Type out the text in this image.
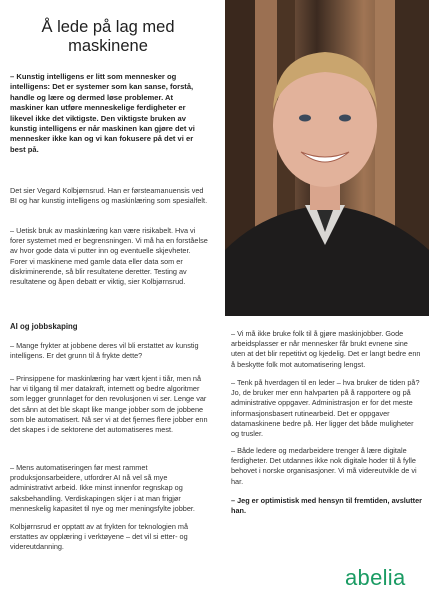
Å lede på lag med maskinene

– Kunstig intelligens er litt som mennesker og intelligens: Det er systemer som kan sanse, forstå, handle og lære og dermed løse problemer. At maskiner kan utføre menneskelige ferdigheter er likevel ikke det viktigste. Den viktigste bruken av kunstig intelligens er når maskinen kan gjøre det vi mennesker ikke kan og vi kan fokusere på det vi er best på.

Det sier Vegard Kolbjørnsrud. Han er førsteamanuensis ved BI og har kunstig intelligens og maskinlæring som spesialfelt.

– Uetisk bruk av maskinlæring kan være risikabelt. Hva vi forer systemet med er begrensningen. Vi må ha en forståelse av hvor gode data vi putter inn og eventuelle skjevheter. Forer vi maskinene med gamle data eller data som er diskriminerende, så blir resultatene deretter. Testing av resultatene og åpen debatt er viktig, sier Kolbjørnsrud.

AI og jobbskaping

– Mange frykter at jobbene deres vil bli erstattet av kunstig intelligens. Er det grunn til å frykte dette?

– Prinsippene for maskinlæring har vært kjent i tiår, men nå har vi tilgang til mer datakraft, internett og bedre algoritmer som legger grunnlaget for den revolusjonen vi ser. Lenge var det sånn at det ble skapt like mange jobber som de jobbene som ble automatisert. Nå ser vi at det fjernes flere jobber enn det skapes i de sektorene det automatiseres mest.

– Mens automatiseringen før mest rammet produksjonsarbeidere, utfordrer AI nå vel så mye administrativt arbeid. Ikke minst innenfor regnskap og saksbehandling. Verdiskapingen skjer i at man frigjør menneskelig kapasitet til nye og mer meningsfylte jobber.

Kolbjørnsrud er opptatt av at frykten for teknologien må erstattes av opplæring i verktøyene – det vil si etter- og videreutdanning.

– Vi må ikke bruke folk til å gjøre maskinjobber. Gode arbeidsplasser er når mennesker får brukt evnene sine uten at det blir repetitivt og kjedelig. Det er langt bedre enn å beskytte folk mot automatisering lengst.

– Tenk på hverdagen til en leder – hva bruker de tiden på? Jo, de bruker mer enn halvparten på å rapportere og på administrative oppgaver. Administrasjon er for det meste informasjonsbasert rutinearbeid. Det er oppgaver datamaskinene bedre på. Her ligger det både muligheter og trusler.

– Både ledere og medarbeidere trenger å lære digitale ferdigheter. Det utdannes ikke nok digitale hoder til å fylle behovet i norske organisasjoner. Vi må videreutvikle de vi har.

– Jeg er optimistisk med hensyn til fremtiden, avslutter han.

abelia
